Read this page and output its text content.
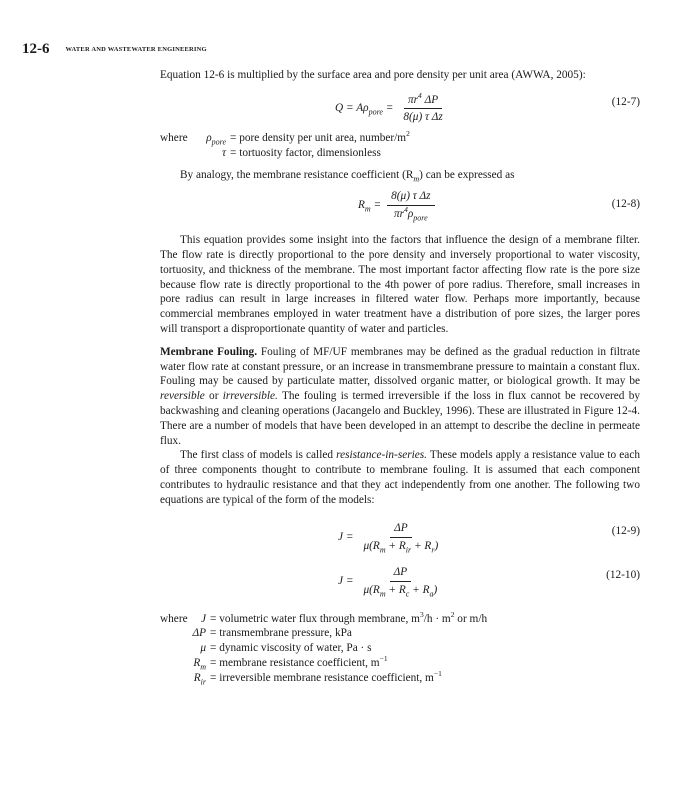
12-6 WATER AND WASTEWATER ENGINEERING

Equation 12-6 is multiplied by the surface area and pore density per unit area (AWWA, 2005):

$Q = A\rho_{pore} = \frac{\pi r^4 \Delta P}{\text{8(μ) τ Δz}}$	(12-7)
where	$\rho_{pore}$ = pore density per unit area, number/$m^2$
τ = tortuosity factor, dimensionless

By analogy, the membrane resistance coefficient $(R_m)$ can be expressed as

$R_m = \frac{\text{8(μ) τ Δz}}{\pi r^4\rho_{pore}}$	(12-8)

This equation provides some insight into the factors that influence the design of a membrane filter. The flow rate is directly proportional to the pore density and inversely proportional to water viscosity, tortuosity, and thickness of the membrane. The most important factor affecting flow rate is the pore size because flow rate is directly proportional to the 4th power of pore radius. Therefore, small increases in pore radius can result in large increases in filtered water flow. Perhaps more importantly, because commercial membranes employed in water treatment have a distribution of pore sizes, the larger pores will transport a disproportionate quantity of water and particles.

Membrane Fouling. Fouling of MF/UF membranes may be defined as the gradual reduction in filtrate water flow rate at constant pressure, or an increase in transmembrane pressure to maintain a constant flux. Fouling may be caused by particulate matter, dissolved organic matter, or biological growth. It may be reversible or irreversible. The fouling is termed irreversible if the loss in flux cannot be recovered by backwashing and cleaning operations (Jacangelo and Buckley, 1996). These are illustrated in Figure 12-4. There are a number of models that have been developed in an attempt to describe the decline in permeate flux.

The first class of models is called resistance-in-series. These models apply a resistance value to each of three components thought to contribute to membrane fouling. It is assumed that each component contributes to hydraulic resistance and that they act independently from one another. The following two equations are typical of the form of the models:

$J = \frac{\Delta P}{\mu(R_m + R_{ir} + R_r)}$	(12-9)
$J = \frac{\Delta P}{\mu(R_m + R_c + R_a)}$	(12-10)
where	J = volumetric water flux through membrane, $m^3/h \cdot m^2$ or m/h
ΔP = transmembrane pressure, kPa
μ = dynamic viscosity of water, Pa · s
$R_m$ = membrane resistance coefficient, $m^{-1}$
$R_{ir}$ = irreversible membrane resistance coefficient, $m^{-1}$
